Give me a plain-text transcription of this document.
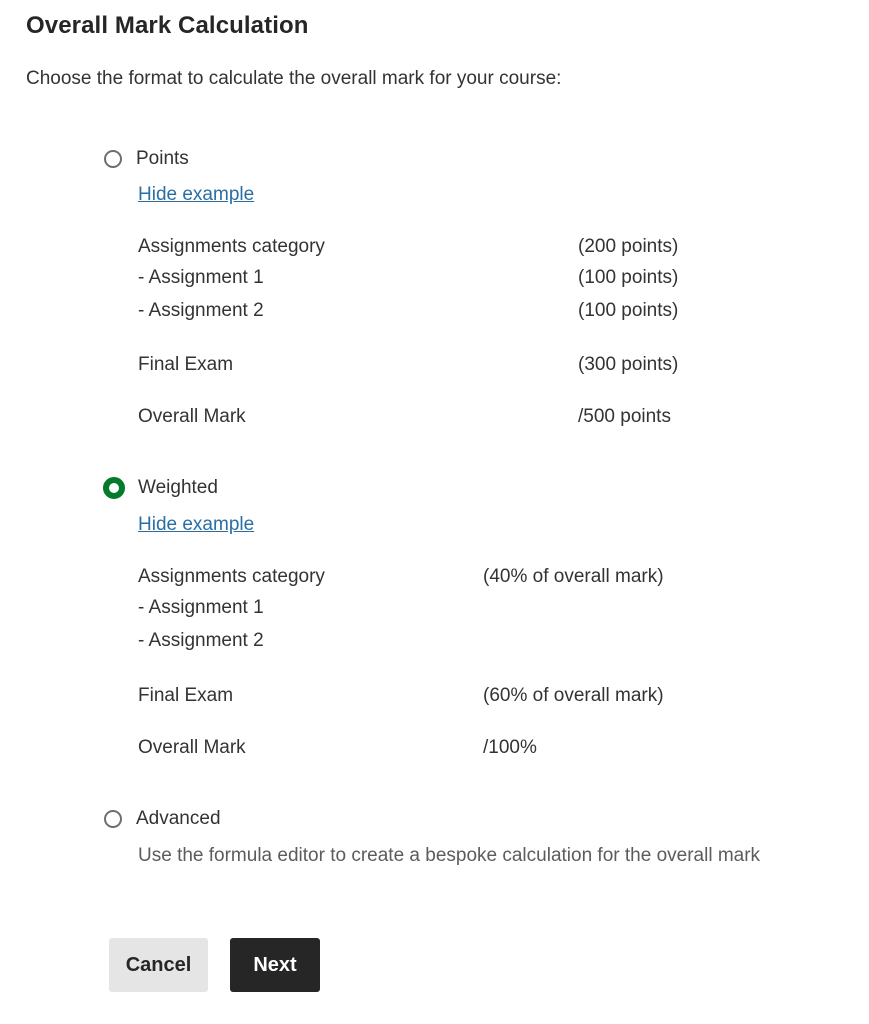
Overall Mark Calculation
Choose the format to calculate the overall mark for your course:
Points
Hide example
Assignments category	(200 points)
- Assignment 1	(100 points)
- Assignment 2	(100 points)
Final Exam	(300 points)
Overall Mark	/500 points
Weighted
Hide example
Assignments category	(40% of overall mark)
- Assignment 1
- Assignment 2
Final Exam	(60% of overall mark)
Overall Mark	/100%
Advanced
Use the formula editor to create a bespoke calculation for the overall mark
Cancel	Next
